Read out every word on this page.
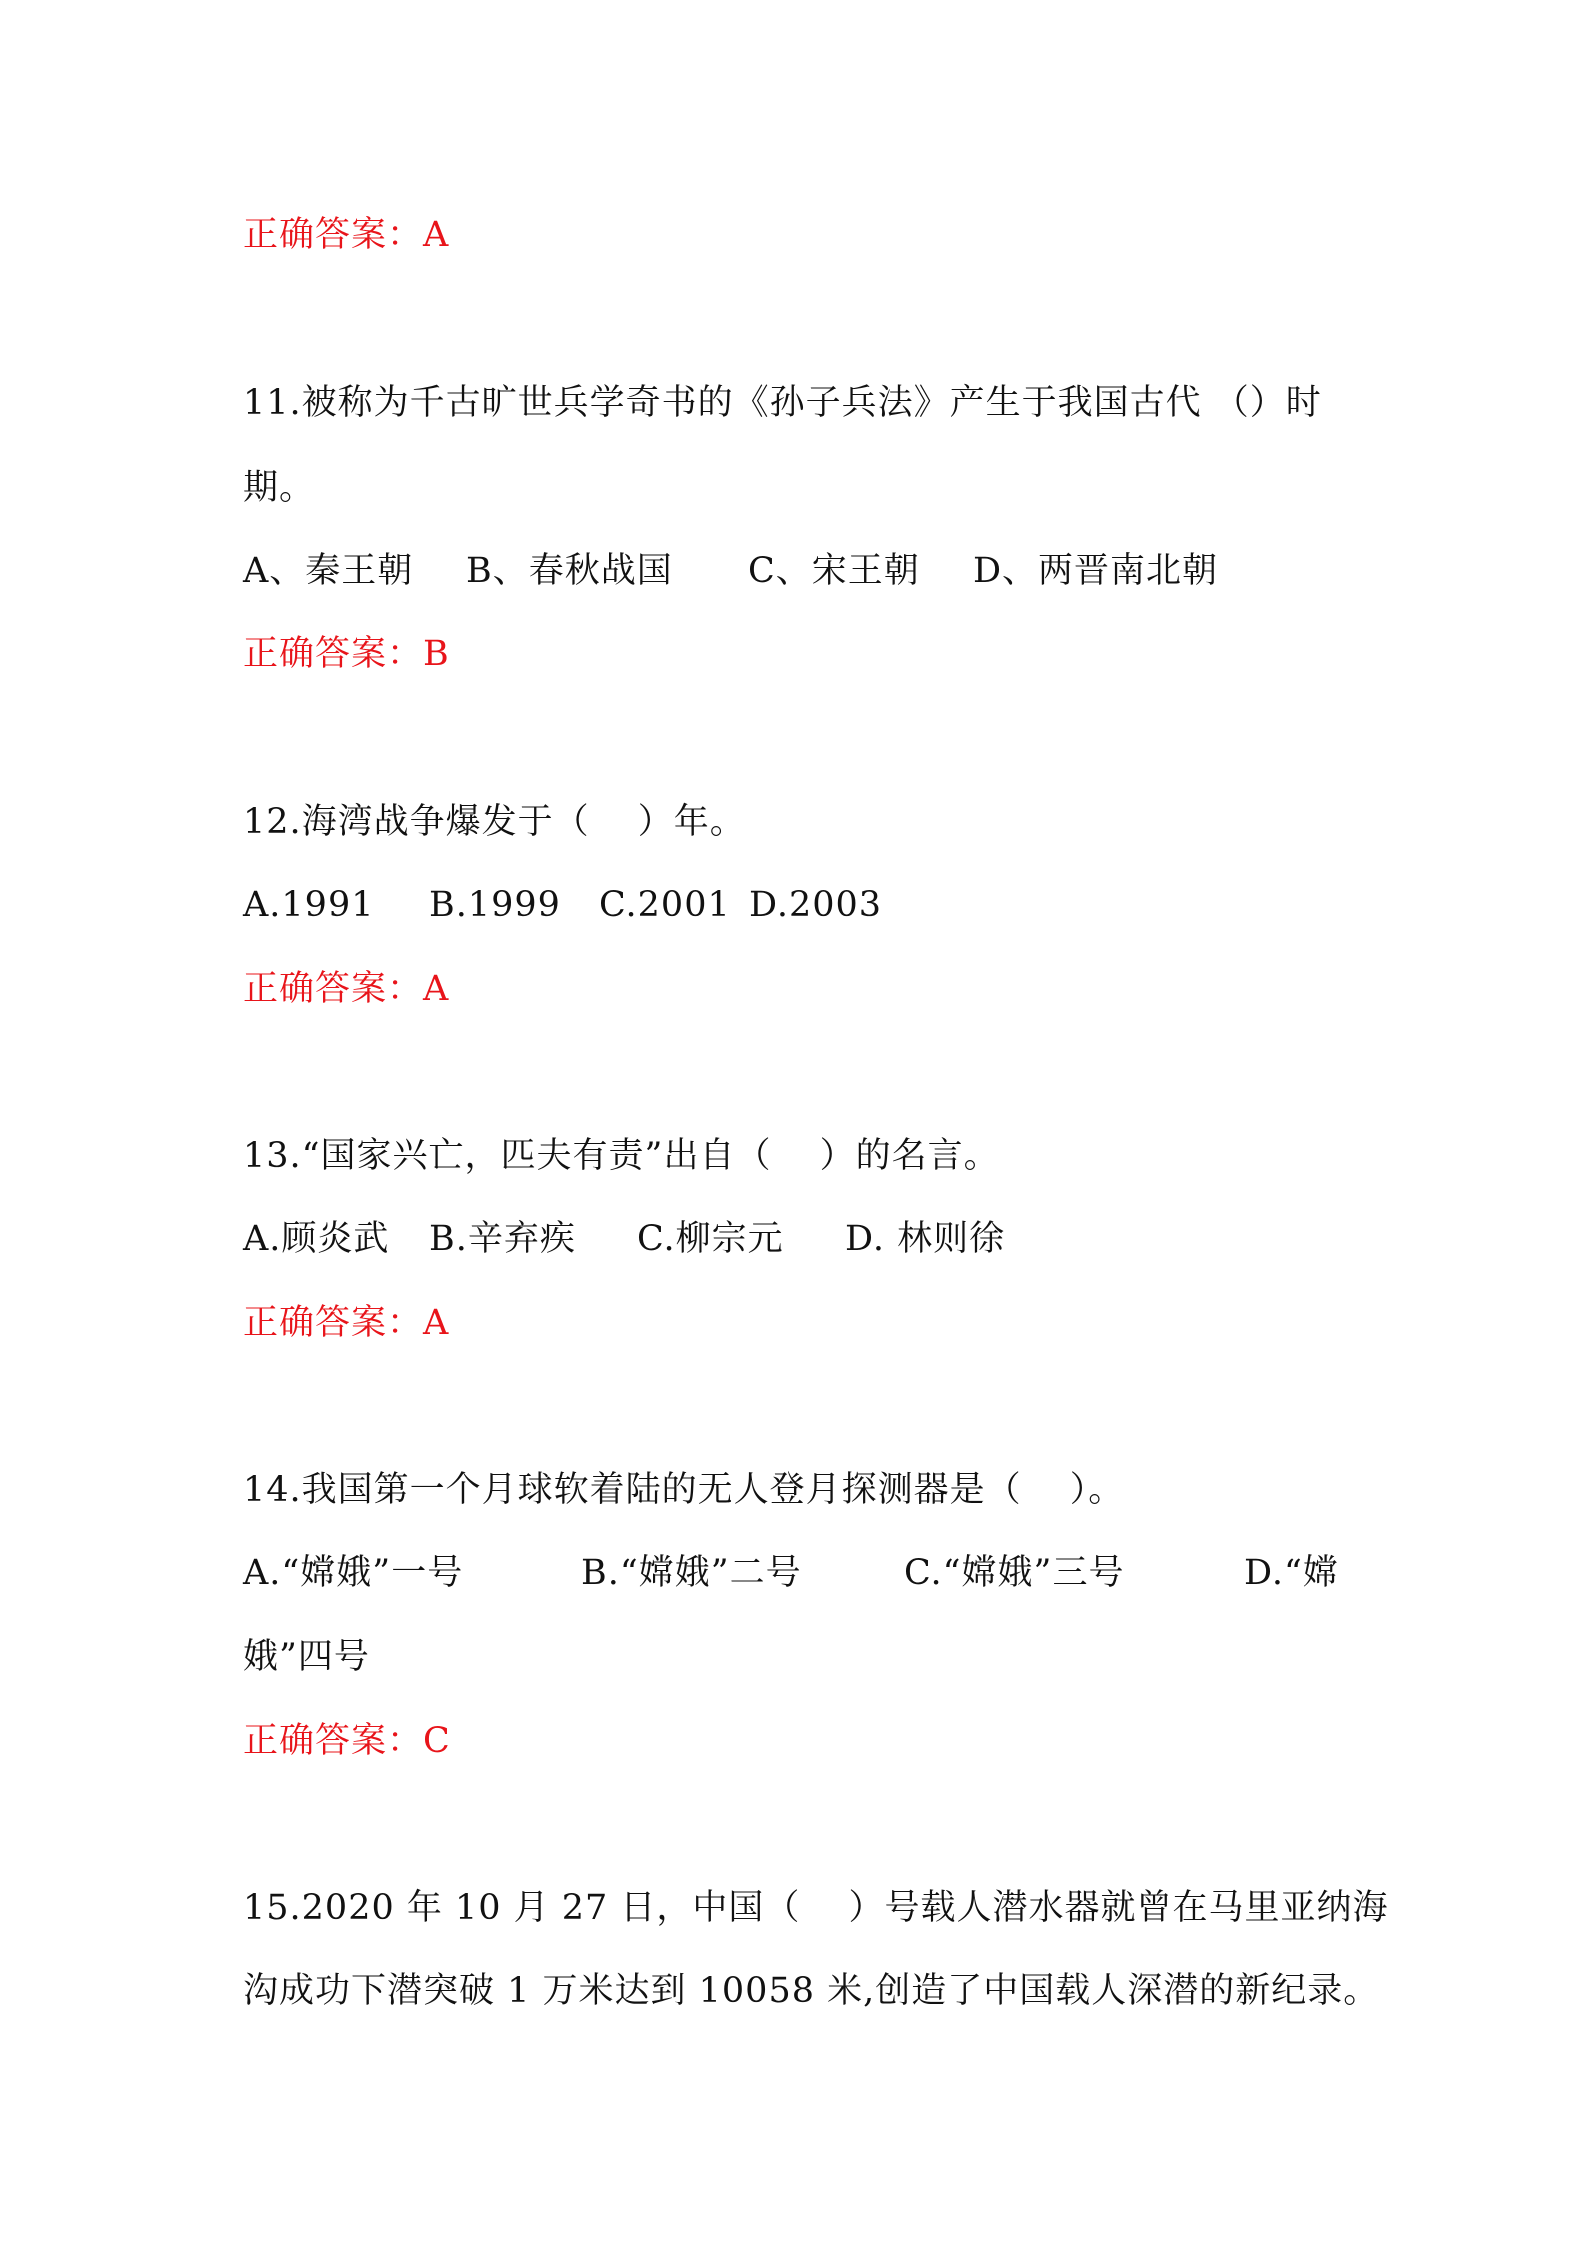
正确答案：A
11.被称为千古旷世兵学奇书的《孙子兵法》产生于我国古代 （）时
期。
A、秦王朝 B、春秋战国 C、宋王朝 D、两晋南北朝
正确答案：B
12.海湾战争爆发于（　 ）年。
A.1991 B.1999 C.2001 D.2003
正确答案：A
13.“国家兴亡，匹夫有责”出自（　 ）的名言。
A.顾炎武 B.辛弃疾 C.柳宗元 D. 林则徐
正确答案：A
14.我国第一个月球软着陆的无人登月探测器是（　 ）。
A.“嫦娥”一号	B.“嫦娥”二号	C.“嫦娥”三号	D.“嫦
娥”四号
正确答案：C
15.2020 年 10 月 27 日，中国（　 ）号载人潜水器就曾在马里亚纳海
沟成功下潜突破 1 万米达到 10058 米,创造了中国载人深潜的新纪录。
